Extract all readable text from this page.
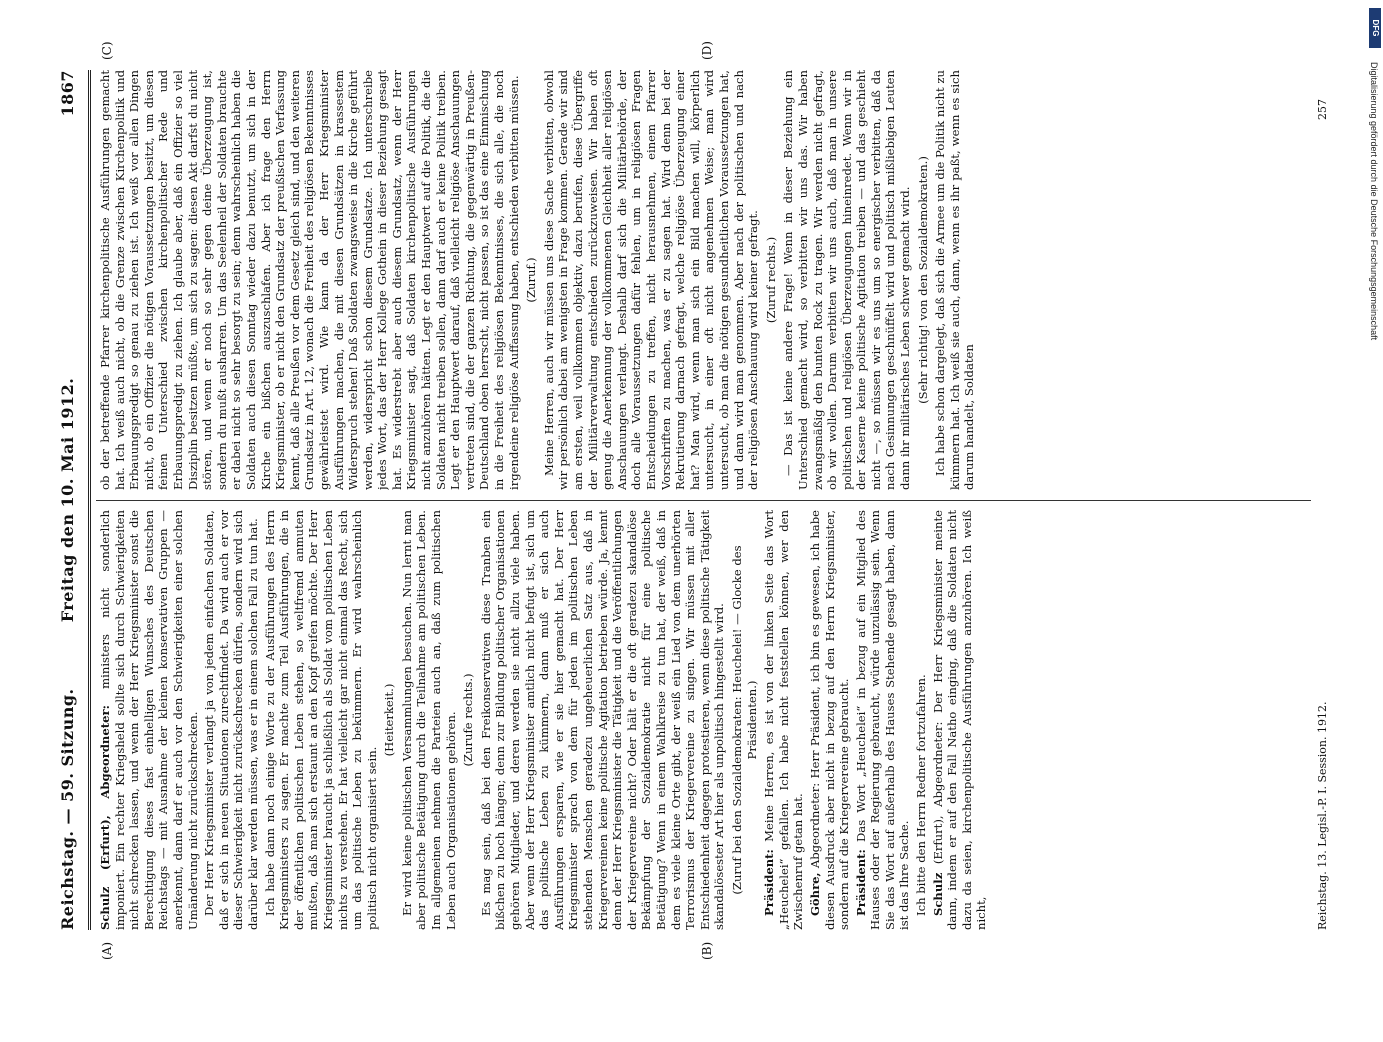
Reichstag. — 59. Sitzung.
Freitag den 10. Mai 1912.
1867
(A)	(B)
(C)	(D)

Schulz (Erfurt), Abgeordneter: ministers nicht sonderlich imponiert. Ein rechter Kriegsheld sollte sich durch Schwierigkeiten nicht schrecken lassen, und wenn der Herr Kriegsminister sonst die Berechtigung dieses fast einhelligen Wunsches des Deutschen Reichstags — mit Ausnahme der kleinen konservativen Gruppen — anerkennt, dann darf er auch vor den Schwierigkeiten einer solchen Umänderung nicht zurückschrecken. Der Herr Kriegsminister verlangt ja von jedem einfachen Soldaten, daß er sich in neuen Situationen zurechtfindet. Da wird auch er vor dieser Schwierigkeit nicht zurückschrecken dürfen, sondern wird sich darüber klar werden müssen, was er in einem solchen Fall zu tun hat. Ich habe dann noch einige Worte zu der Ausführungen des Herrn Kriegsministers zu sagen. Er machte zum Teil Ausführungen, die in der öffentlichen politischen Leben stehen, so weltfremd anmuten mußten, daß man sich erstaunt an den Kopf greifen möchte. Der Herr Kriegsminister braucht ja schließlich als Soldat vom politischen Leben nichts zu verstehen. Er hat vielleicht gar nicht einmal das Recht, sich um das politische Leben zu bekümmern. Er wird wahrscheinlich politisch nicht organisiert sein.

(Heiterkeit.) Er wird keine politischen Versammlungen besuchen. Nun lernt man aber politische Betätigung durch die Teilnahme am politischen Leben. Im allgemeinen nehmen die Parteien auch an, daß zum politischen Leben auch Organisationen gehören. (Zurufe rechts.) Es mag sein, daß bei den Freikonservativen diese Tranben ein bißchen zu hoch hängen; denn zur Bildung politischer Organisationen gehören Mitglieder, und deren werden sie nicht allzu viele haben. Aber wenn der Herr Kriegsminister amtlich nicht befugt ist, sich um das politische Leben zu kümmern, dann muß er sich auch Ausführungen ersparen, wie er sie hier gemacht hat. Der Herr Kriegsminister sprach von dem für jeden im politischen Leben stehenden Menschen geradezu ungeheuerlichen Satz aus, daß in Kriegervereinen keine politische Agitation betrieben würde. Ja, kennt denn der Herr Kriegsminister die Tätigkeit und die Veröffentlichungen der Kriegervereine nicht? Oder hält er die oft geradezu skandalöse Bekämpfung der Sozialdemokratie nicht für eine politische Betätigung? Wenn in einem Wahlkreise zu tun hat, der weiß, daß in dem es viele kleine Orte gibt, der weiß ein Lied von dem unerhörten Terrorismus der Kriegervereine zu singen. Wir müssen mit aller Entschiedenheit dagegen protestieren, wenn diese politische Tätigkeit skandalösester Art hier als unpolitisch hingestellt wird. (Zuruf bei den Sozialdemokraten: Heuchelei! — Glocke des Präsidenten.)

Präsident: Meine Herren, es ist von der linken Seite das Wort „Heuchelei“ gefallen. Ich habe nicht feststellen können, wer den Zwischenruf getan hat. Göhre, Abgeordneter: Herr Präsident, ich bin es gewesen, ich habe diesen Ausdruck aber nicht in bezug auf den Herrn Kriegsminister, sondern auf die Kriegervereine gebraucht. Präsident: Das Wort „Heuchelei“ in bezug auf ein Mitglied des Hauses oder der Regierung gebraucht, würde unzulässig sein. Wenn Sie das Wort auf außerhalb des Hauses Stehende gesagt haben, dann ist das Ihre Sache. Ich bitte den Herrn Redner fortzufahren. Schulz (Erfurt), Abgeordneter: Der Herr Kriegsminister meinte dann, indem er auf den Fall Natho einging, daß die Soldaten nicht dazu da seien, kirchenpolitische Ausführungen anzuhören. Ich weiß nicht,

ob der betreffende Pfarrer kirchenpolitische Ausführungen gemacht hat. Ich weiß auch nicht, ob die Grenze zwischen Kirchenpolitik und Erbauungspredigt so genau zu ziehen ist. Ich weiß vor allen Dingen nicht, ob ein Offizier die nötigen Voraussetzungen besitzt, um diesen feinen Unterschied zwischen kirchenpolitischer Rede und Erbauungspredigt zu ziehen. Ich glaube aber, daß ein Offizier so viel Disziplin besitzen müßte, um sich zu sagen: diesen Akt darfst du nicht stören, und wenn er noch so sehr gegen deine Überzeugung ist, sondern du mußt ausharren. Um das Seelenheil der Soldaten brauchte er dabei nicht so sehr besorgt zu sein; denn wahrscheinlich haben die Soldaten auch diesen Sonntag wieder dazu benutzt, um sich in der Kirche ein bißchen auszuschlafen. Aber ich frage den Herrn Kriegsminister, ob er nicht den Grundsatz der preußischen Verfassung kennt, daß alle Preußen vor dem Gesetz gleich sind, und den weiteren Grundsatz in Art. 12, wonach die Freiheit des religiösen Bekenntnisses gewährleistet wird. Wie kann da der Herr Kriegsminister Ausführungen machen, die mit diesen Grundsätzen in krassestem Widerspruch stehen! Daß Soldaten zwangsweise in die Kirche geführt werden, widerspricht schon diesem Grundsatze. Ich unterschreibe jedes Wort, das der Herr Kollege Gothein in dieser Beziehung gesagt hat. Es widerstrebt aber auch diesem Grundsatz, wenn der Herr Kriegsminister sagt, daß Soldaten kirchenpolitische Ausführungen nicht anzuhören hätten. Legt er den Hauptwert auf die Politik, die die Soldaten nicht treiben sollen, dann darf auch er keine Politik treiben. Legt er den Hauptwert darauf, daß vielleicht religiöse Anschauungen vertreten sind, die der ganzen Richtung, die gegenwärtig in Preußen-Deutschland oben herrscht, nicht passen, so ist das eine Einmischung in die Freiheit des religiösen Bekenntnisses, die sich alle, die noch irgendeine religiöse Auffassung haben, entschieden verbitten müssen. (Zuruf.) Meine Herren, auch wir müssen uns diese Sache verbitten, obwohl wir persönlich dabei am wenigsten in Frage kommen. Gerade wir sind am ersten, weil vollkommen objektiv, dazu berufen, diese Übergriffe der Militärverwaltung entschieden zurückzuweisen. Wir haben oft genug die Anerkennung der vollkommenen Gleichheit aller religiösen Anschauungen verlangt. Deshalb darf sich die Militärbehörde, der doch alle Voraussetzungen dafür fehlen, um in religiösen Fragen Entscheidungen zu treffen, nicht herausnehmen, einem Pfarrer Vorschriften zu machen, was er zu sagen hat. Wird denn bei der Rekrutierung darnach gefragt, welche religiöse Überzeugung einer hat? Man wird, wenn man sich ein Bild machen will, körperlich untersucht, in einer oft nicht angenehmen Weise; man wird untersucht, ob man die nötigen gesundheitlichen Voraussetzungen hat, und dann wird man genommen. Aber nach der politischen und nach der religiösen Anschauung wird keiner gefragt. (Zuruf rechts.) — Das ist keine andere Frage! Wenn in dieser Beziehung ein Unterschied gemacht wird, so verbitten wir uns das. Wir haben zwangsmäßig den bunten Rock zu tragen. Wir werden nicht gefragt, ob wir wollen. Darum verbitten wir uns auch, daß man in unsere politischen und religiösen Überzeugungen hineinredet. Wenn wir in der Kaserne keine politische Agitation treiben — und das geschieht nicht —, so müssen wir es uns um so energischer verbitten, daß da nach Gesinnungen geschnüffelt wird und politisch mißliebigen Leuten dann ihr militärisches Leben schwer gemacht wird. (Sehr richtig! von den Sozialdemokraten.) Ich habe schon dargelegt, daß sich die Armee um die Politik nicht zu kümmern hat. Ich weiß sie auch, dann, wenn es ihr paßt, wenn es sich darum handelt, Soldaten

Reichstag. 13. Legisl.-P. I. Session. 1912.
257
DFG
Digitalisierung gefördert durch die Deutsche Forschungsgemeinschaft
